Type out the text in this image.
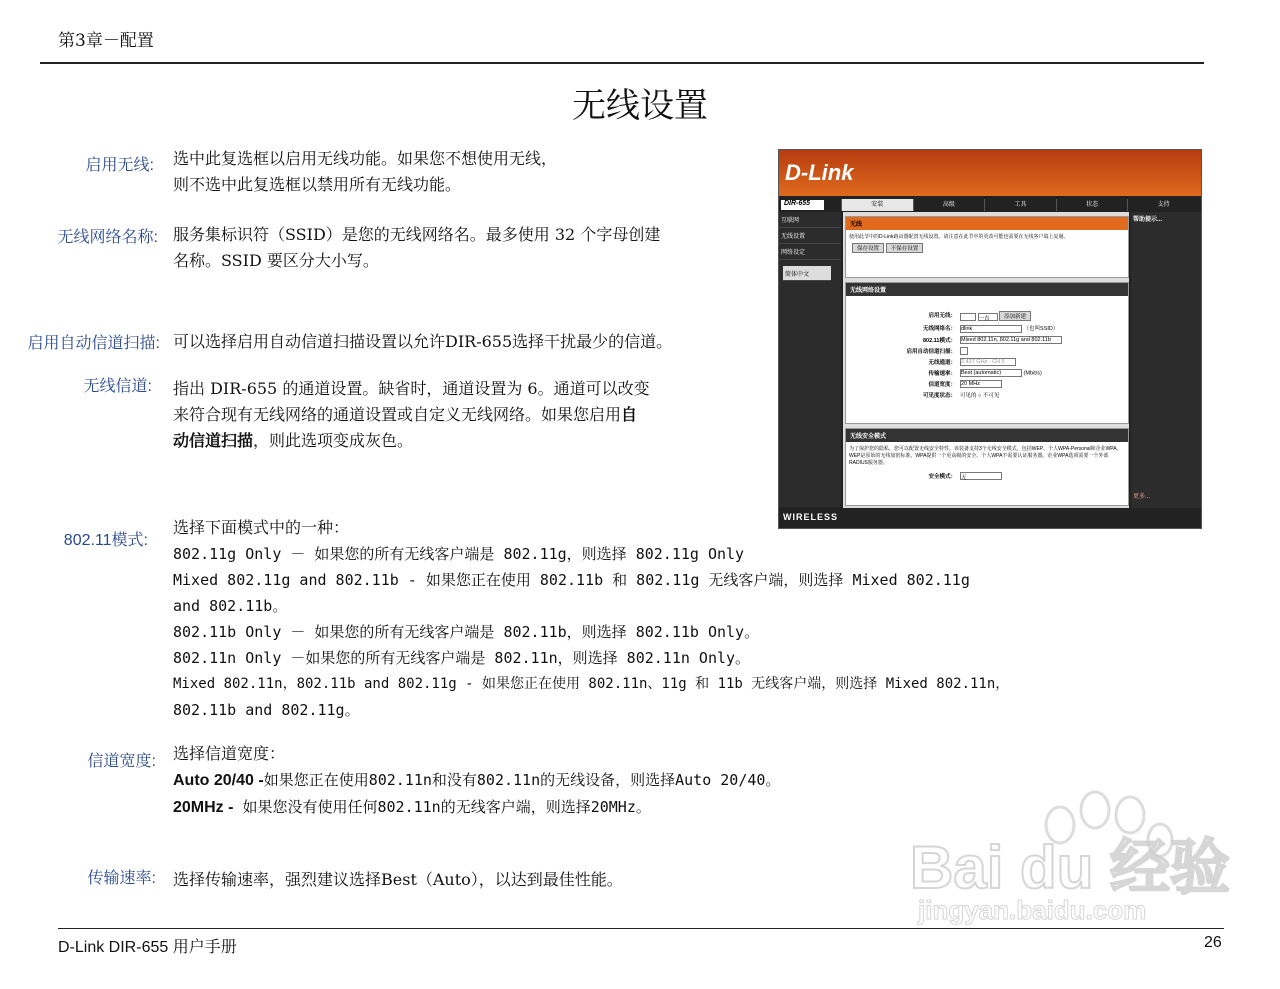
第3章－配置
无线设置
启用无线: 选中此复选框以启用无线功能。如果您不想使用无线，
则不选中此复选框以禁用所有无线功能。
无线网络名称: 服务集标识符（SSID）是您的无线网络名。最多使用 32 个字母创建
名称。SSID 要区分大小写。
启用自动信道扫描: 可以选择启用自动信道扫描设置以允许DIR-655选择干扰最少的信道。
无线信道: 指出 DIR-655 的通道设置。缺省时，通道设置为 6。通道可以改变
来符合现有无线网络的通道设置或自定义无线网络。如果您启用自
动信道扫描，则此选项变成灰色。
D-Link
DIR-655	安装	高级	工具	状态	支持
互联网
无线设置
网络设定
简体中文
无线
使用此节中的D-Link路由器配置无线设置。请注意在此节中的更改可能也需要在无线客户端上复制。
保存设置 不保存设置
无线网络设置
启用无线：	一直	添加新建
无线网络名： dlink	（也叫SSID）
802.11模式： Mixed 802.11n, 802.11g and 802.11b
启用自动信道扫描：
无线通道： 2.437 GHz - CH 6
传输速率： Best (automatic)	(Mbit/s)
信道宽度： 20 MHz
可见度状态： 可见的 ○ 不可见
无线安全模式
为了保护您的隐私，您可以配置无线安全特性。该装备支持3个无线安全模式，包括WEP、个人WPA-Personal和企业WPA。WEP是原始的无线加密标准。WPA提供一个更高级的安全。个人WPA不需要认证服务器。企业WPA选项需要一个外部RADIUS服务器。
安全模式： 无
帮助提示...
更多...
WIRELESS
802.11模式:
选择下面模式中的一种：
802.11g Only － 如果您的所有无线客户端是 802.11g，则选择 802.11g Only
Mixed 802.11g and 802.11b - 如果您正在使用 802.11b 和 802.11g 无线客户端，则选择 Mixed 802.11g
and 802.11b。
802.11b Only － 如果您的所有无线客户端是 802.11b，则选择 802.11b Only。
802.11n Only －如果您的所有无线客户端是 802.11n，则选择 802.11n Only。
Mixed 802.11n，802.11b and 802.11g - 如果您正在使用 802.11n、11g 和 11b 无线客户端，则选择 Mixed 802.11n，
802.11b and 802.11g。
信道宽度: 选择信道宽度：
Auto 20/40 -如果您正在使用802.11n和没有802.11n的无线设备，则选择Auto 20/40。
20MHz - 如果您没有使用任何802.11n的无线客户端，则选择20MHz。
传输速率: 选择传输速率，强烈建议选择Best（Auto），以达到最佳性能。	Bai du 经验
jingyan.baidu.com
D-Link DIR-655 用户手册	26
